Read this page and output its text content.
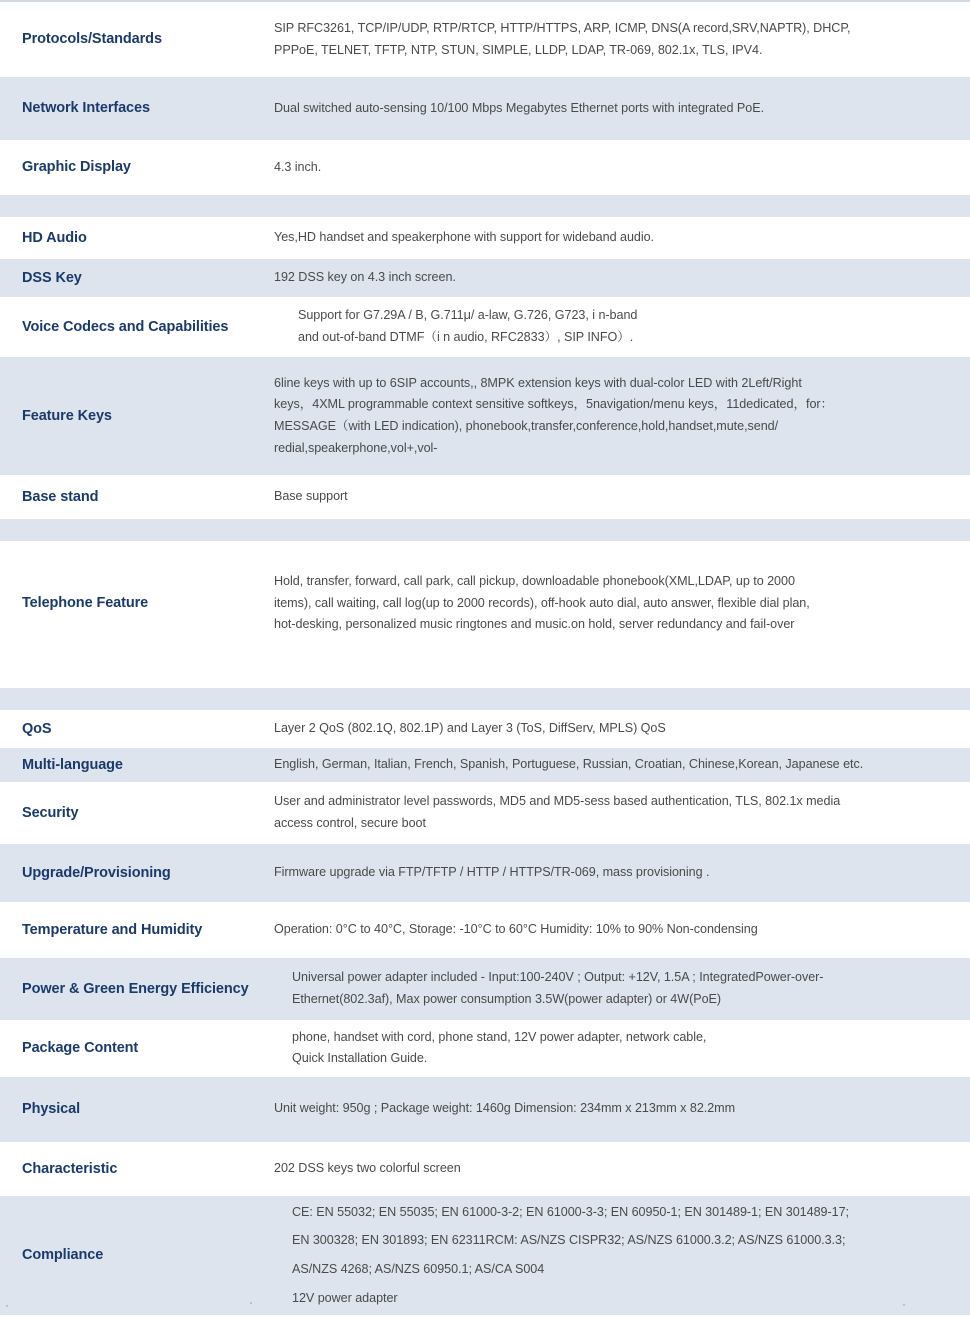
Protocols/Standards	SIP RFC3261, TCP/IP/UDP, RTP/RTCP, HTTP/HTTPS, ARP, ICMP, DNS(A record,SRV,NAPTR), DHCP,
PPPoE, TELNET, TFTP, NTP, STUN, SIMPLE, LLDP, LDAP, TR-069, 802.1x, TLS, IPV4.

Network Interfaces	Dual switched auto-sensing 10/100 Mbps Megabytes Ethernet ports with integrated PoE.

Graphic Display	4.3 inch.

HD Audio	Yes,HD handset and speakerphone with support for wideband audio.

DSS Key	192 DSS key on 4.3 inch screen.

Voice Codecs and Capabilities	Support for G7.29A / B, G.711μ/ a-law, G.726, G723, i n-band
and out-of-band DTMF（i n audio, RFC2833）, SIP INFO）.

Feature Keys	6line keys with up to 6SIP accounts,, 8MPK extension keys with dual-color LED with 2Left/Right
keys，4XML programmable context sensitive softkeys，5navigation/menu keys，11dedicated，for：
MESSAGE（with LED indication), phonebook,transfer,conference,hold,handset,mute,send/
redial,speakerphone,vol+,vol-

Base stand	Base support

Telephone Feature	Hold, transfer, forward, call park, call pickup, downloadable phonebook(XML,LDAP, up to 2000
items), call waiting, call log(up to 2000 records), off-hook auto dial, auto answer, flexible dial plan,
hot-desking, personalized music ringtones and music.on hold, server redundancy and fail-over

QoS	Layer 2 QoS (802.1Q, 802.1P) and Layer 3 (ToS, DiffServ, MPLS) QoS

Multi-language	English, German, Italian, French, Spanish, Portuguese, Russian, Croatian, Chinese,Korean, Japanese etc.

Security	User and administrator level passwords, MD5 and MD5-sess based authentication, TLS, 802.1x media
access control, secure boot

Upgrade/Provisioning	Firmware upgrade via FTP/TFTP / HTTP / HTTPS/TR-069, mass provisioning .

Temperature and Humidity	Operation: 0°C to 40°C, Storage: -10°C to 60°C Humidity: 10% to 90% Non-condensing

Power & Green Energy Efficiency	Universal power adapter included - Input:100-240V ; Output: +12V, 1.5A ; IntegratedPower-over-
Ethernet(802.3af), Max power consumption 3.5W(power adapter) or 4W(PoE)

Package Content	phone, handset with cord, phone stand, 12V power adapter, network cable,
Quick Installation Guide.

Physical	Unit weight: 950g ; Package weight: 1460g Dimension: 234mm x 213mm x 82.2mm

Characteristic	202 DSS keys two colorful screen

Compliance	CE: EN 55032; EN 55035; EN 61000-3-2; EN 61000-3-3; EN 60950-1; EN 301489-1; EN 301489-17;
EN 300328; EN 301893; EN 62311RCM: AS/NZS CISPR32; AS/NZS 61000.3.2; AS/NZS 61000.3.3;
AS/NZS 4268; AS/NZS 60950.1; AS/CA S004
12V power adapter
